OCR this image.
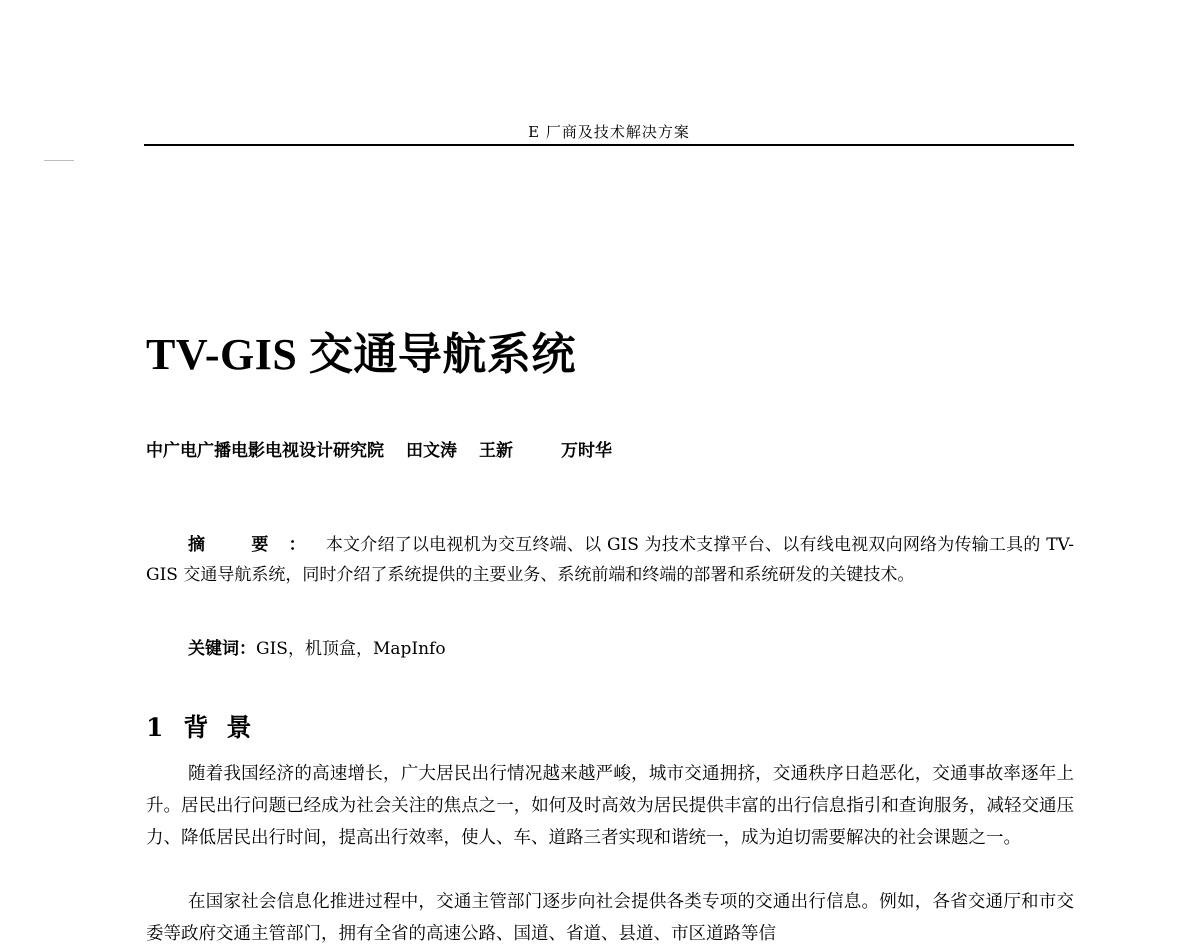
E 厂商及技术解决方案
TV-GIS 交通导航系统
中广电广播电影电视设计研究院 田文涛 王新	万时华

摘 要：本文介绍了以电视机为交互终端、以 GIS 为技术支撑平台、以有线电视双向网络为传输工具的 TV-GIS 交通导航系统，同时介绍了系统提供的主要业务、系统前端和终端的部署和系统研发的关键技术。

关键词：GIS，机顶盒，MapInfo
1 背景

随着我国经济的高速增长，广大居民出行情况越来越严峻，城市交通拥挤，交通秩序日趋恶化，交通事故率逐年上升。居民出行问题已经成为社会关注的焦点之一，如何及时高效为居民提供丰富的出行信息指引和查询服务，减轻交通压力、降低居民出行时间，提高出行效率，使人、车、道路三者实现和谐统一，成为迫切需要解决的社会课题之一。

在国家社会信息化推进过程中，交通主管部门逐步向社会提供各类专项的交通出行信息。例如，各省交通厅和市交委等政府交通主管部门，拥有全省的高速公路、国道、省道、县道、市区道路等信
